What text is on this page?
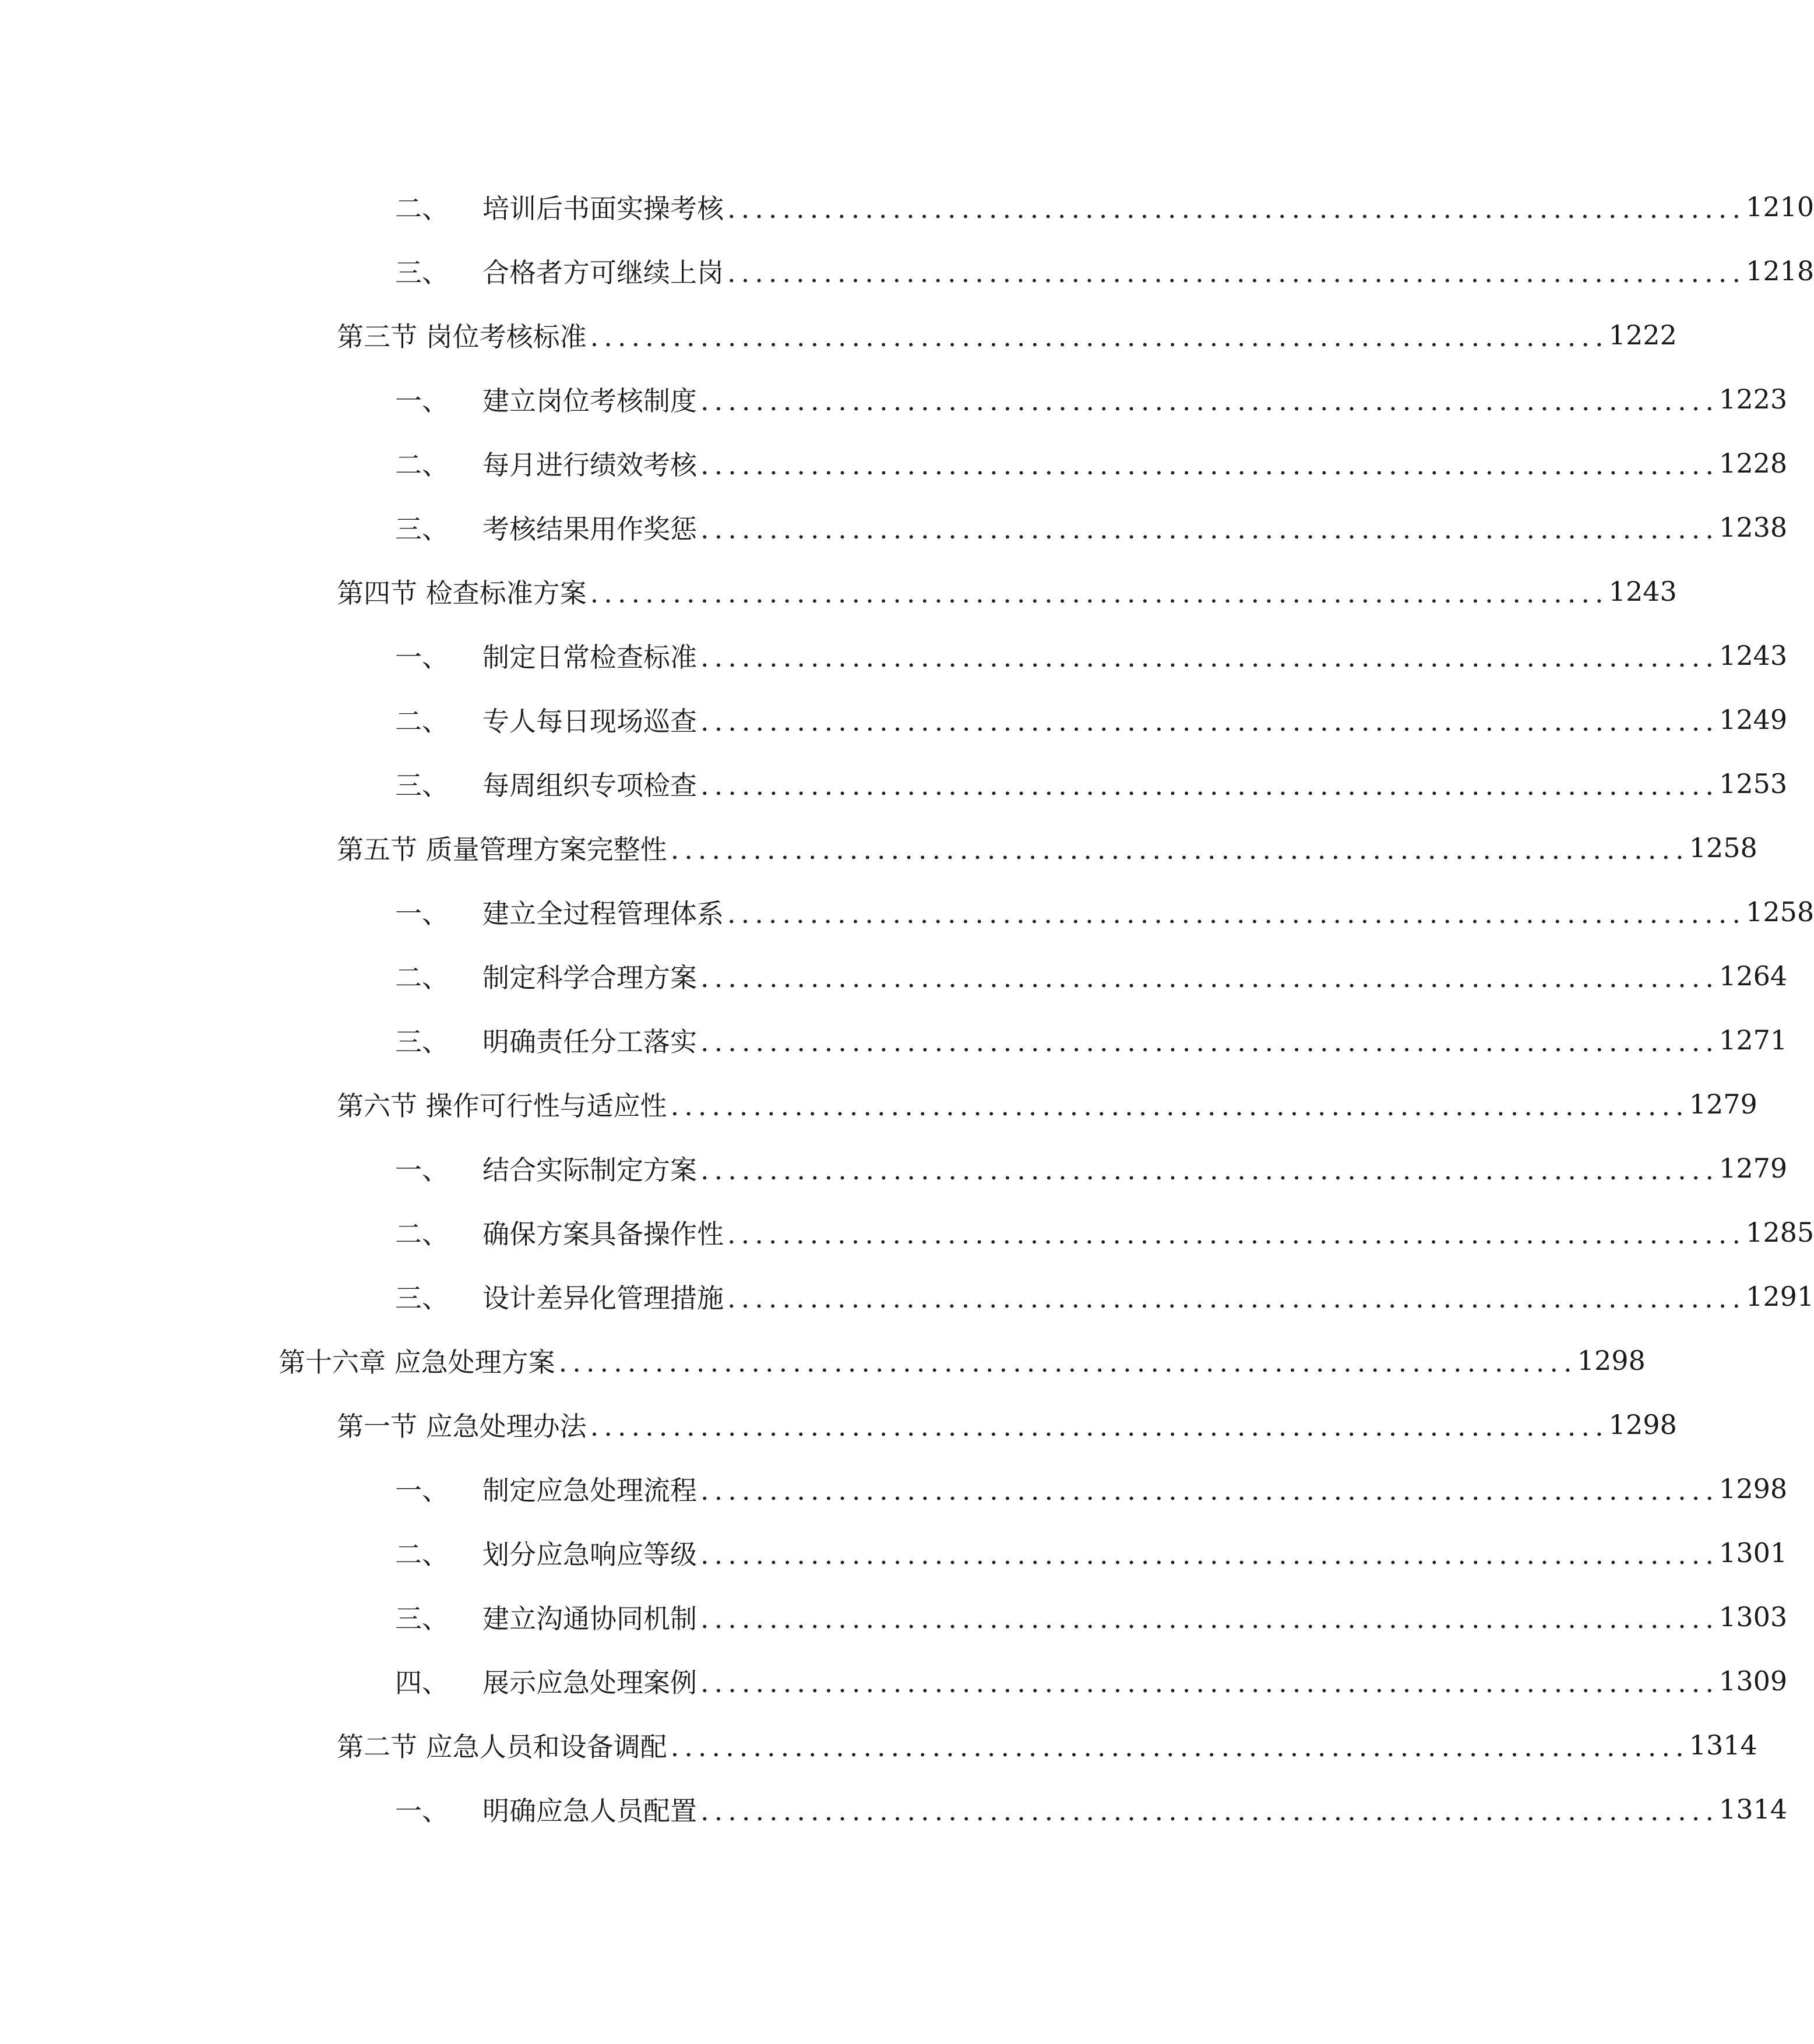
二、 培训后书面实操考核 .......................................................................... 1210
三、 合格者方可继续上岗 .......................................................................... 1218
第三节 岗位考核标准 .......................................................................... 1222
一、 建立岗位考核制度 .......................................................................... 1223
二、 每月进行绩效考核 .......................................................................... 1228
三、 考核结果用作奖惩 .......................................................................... 1238
第四节 检查标准方案 .......................................................................... 1243
一、 制定日常检查标准 .......................................................................... 1243
二、 专人每日现场巡查 .......................................................................... 1249
三、 每周组织专项检查 .......................................................................... 1253
第五节 质量管理方案完整性 .......................................................................... 1258
一、 建立全过程管理体系 .......................................................................... 1258
二、 制定科学合理方案 .......................................................................... 1264
三、 明确责任分工落实 .......................................................................... 1271
第六节 操作可行性与适应性 .......................................................................... 1279
一、 结合实际制定方案 .......................................................................... 1279
二、 确保方案具备操作性 .......................................................................... 1285
三、 设计差异化管理措施 .......................................................................... 1291
第十六章 应急处理方案 .......................................................................... 1298
第一节 应急处理办法 .......................................................................... 1298
一、 制定应急处理流程 .......................................................................... 1298
二、 划分应急响应等级 .......................................................................... 1301
三、 建立沟通协同机制 .......................................................................... 1303
四、 展示应急处理案例 .......................................................................... 1309
第二节 应急人员和设备调配 .......................................................................... 1314
一、 明确应急人员配置 .......................................................................... 1314
